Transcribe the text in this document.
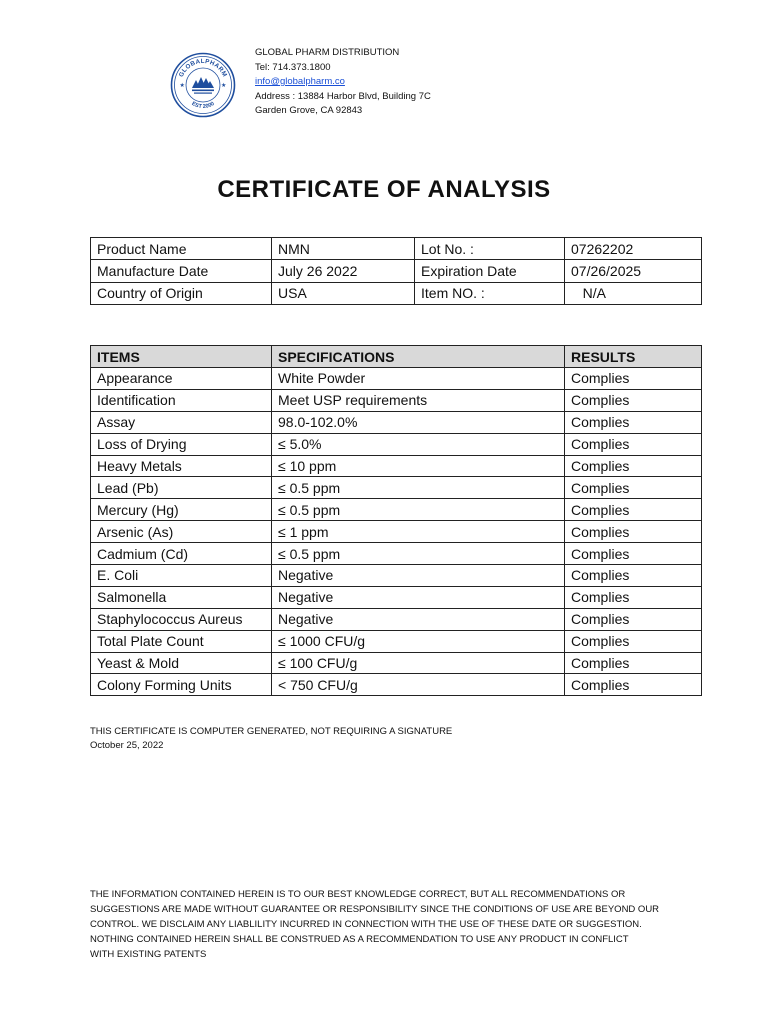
GLOBALPHARM
EST 2000
★	★
GLOBAL PHARM DISTRIBUTION
Tel: 714.373.1800
info@globalpharm.co
Address : 13884 Harbor Blvd, Building 7C
Garden Grove, CA 92843
CERTIFICATE OF ANALYSIS
Product Name	NMN	Lot No. :	07262202
Manufacture Date	July 26 2022	Expiration Date	07/26/2025
Country of Origin	USA	Item NO. :	N/A
ITEMS	SPECIFICATIONS	RESULTS
Appearance	White Powder	Complies
Identification	Meet USP requirements	Complies
Assay	98.0-102.0%	Complies
Loss of Drying	≤ 5.0%	Complies
Heavy Metals	≤ 10 ppm	Complies
Lead (Pb)	≤ 0.5 ppm	Complies
Mercury (Hg)	≤ 0.5 ppm	Complies
Arsenic (As)	≤ 1 ppm	Complies
Cadmium (Cd)	≤ 0.5 ppm	Complies
E. Coli	Negative	Complies
Salmonella	Negative	Complies
Staphylococcus Aureus	Negative	Complies
Total Plate Count	≤ 1000 CFU/g	Complies
Yeast & Mold	≤ 100 CFU/g	Complies
Colony Forming Units	< 750 CFU/g	Complies
THIS CERTIFICATE IS COMPUTER GENERATED, NOT REQUIRING A SIGNATURE
October 25, 2022
THE INFORMATION CONTAINED HEREIN IS TO OUR BEST KNOWLEDGE CORRECT, BUT ALL RECOMMENDATIONS OR
SUGGESTIONS ARE MADE WITHOUT GUARANTEE OR RESPONSIBILITY SINCE THE CONDITIONS OF USE ARE BEYOND OUR
CONTROL. WE DISCLAIM ANY LIABLILITY INCURRED IN CONNECTION WITH THE USE OF THESE DATE OR SUGGESTION.
NOTHING CONTAINED HEREIN SHALL BE CONSTRUED AS A RECOMMENDATION TO USE ANY PRODUCT IN CONFLICT
WITH EXISTING PATENTS
